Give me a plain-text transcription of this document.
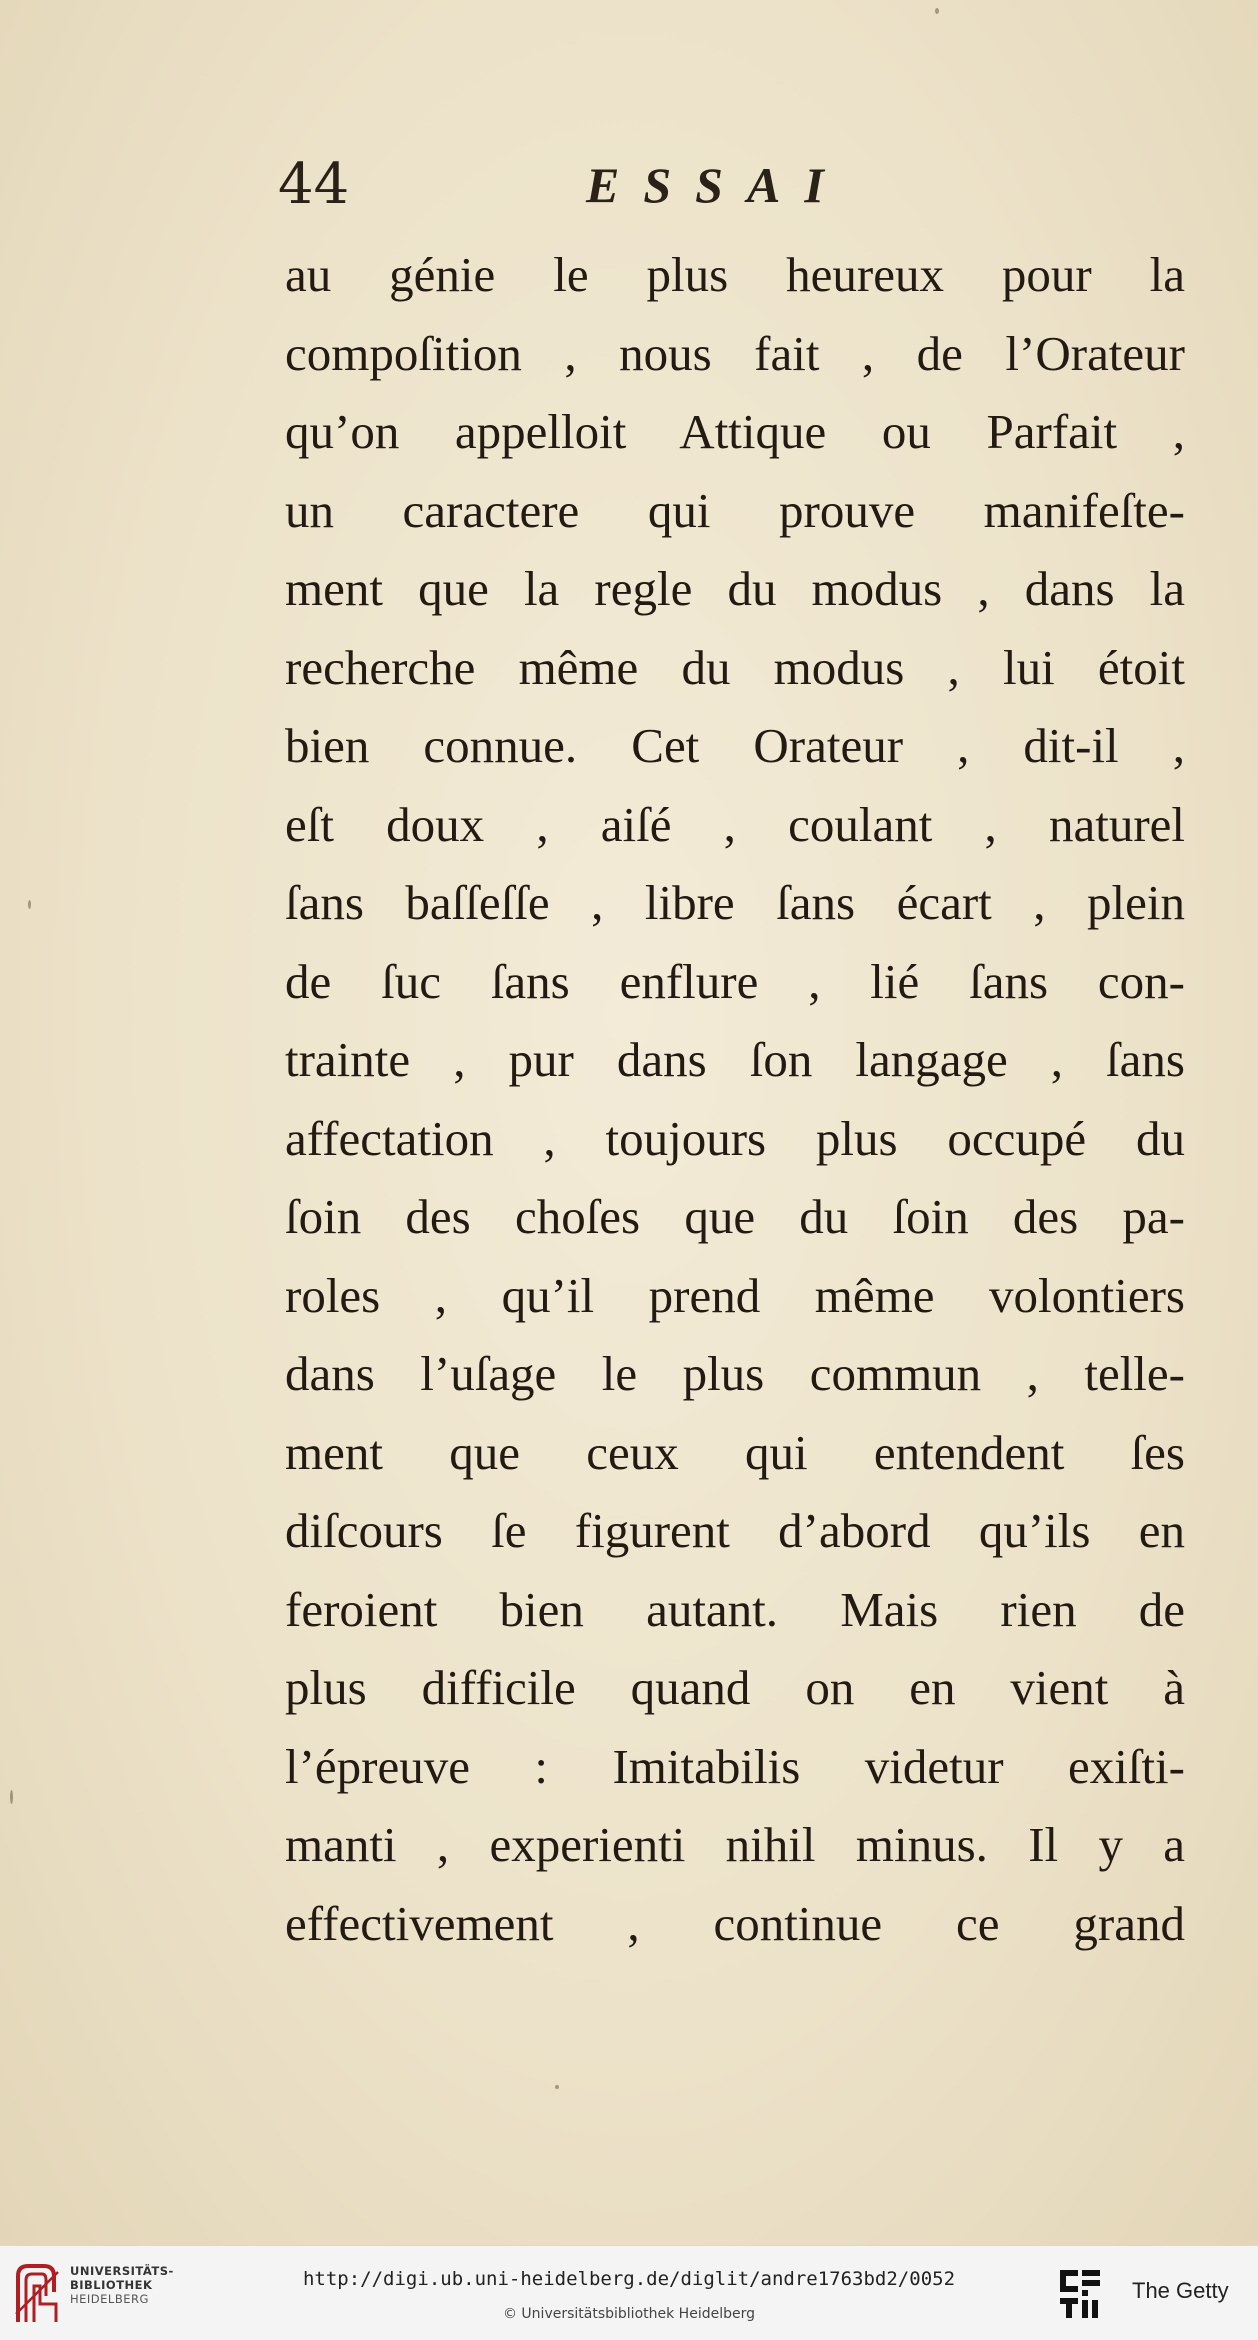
44	ESSAI
au génie le plus heureux pour la
compoſition , nous fait , de l’Orateur
qu’on appelloit Attique ou Parfait ,
un caractere qui prouve manifeſte-
ment que la regle du modus , dans la
recherche même du modus , lui étoit
bien connue. Cet Orateur , dit-il ,
eſt doux , aiſé , coulant , naturel
ſans baſſeſſe , libre ſans écart , plein
de ſuc ſans enflure , lié ſans con-
trainte , pur dans ſon langage , ſans
affectation , toujours plus occupé du
ſoin des choſes que du ſoin des pa-
roles , qu’il prend même volontiers
dans l’uſage le plus commun , telle-
ment que ceux qui entendent ſes
diſcours ſe figurent d’abord qu’ils en
feroient bien autant. Mais rien de
plus difficile quand on en vient à
l’épreuve : Imitabilis videtur exiſti-
manti , experienti nihil minus. Il y a
effectivement , continue ce grand
UNIVERSITÄTS-
BIBLIOTHEK
HEIDELBERG
http://digi.ub.uni-heidelberg.de/diglit/andre1763bd2/0052
© Universitätsbibliothek Heidelberg
The Getty
